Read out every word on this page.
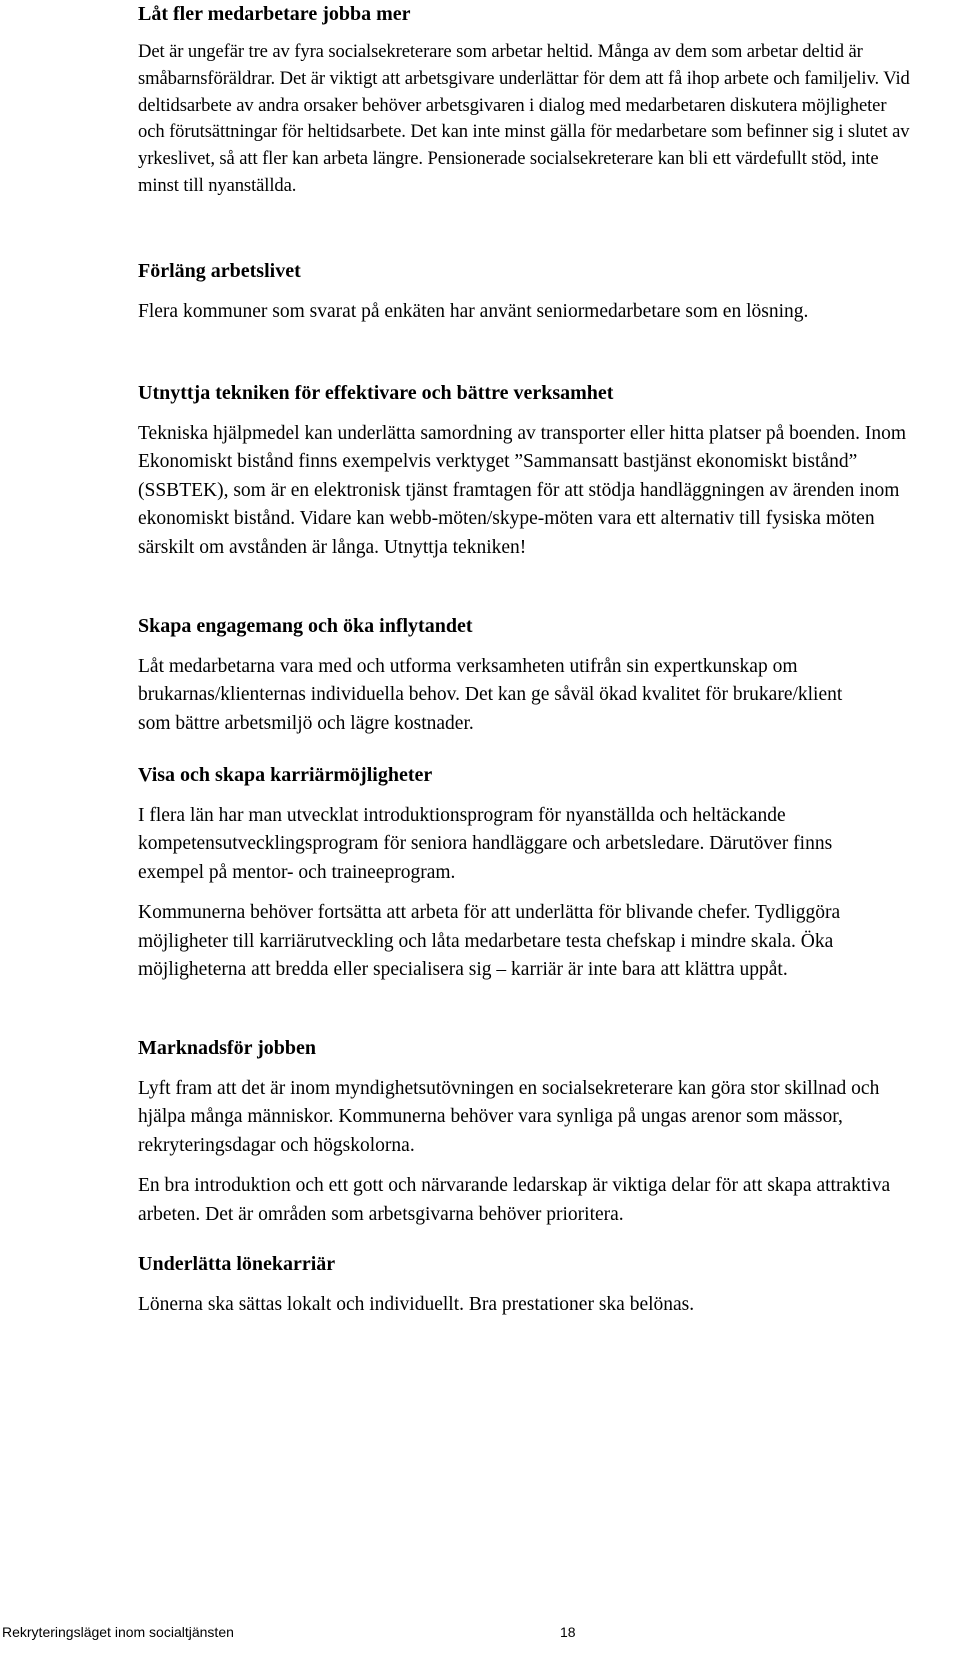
Låt fler medarbetare jobba mer

Det är ungefär tre av fyra socialsekreterare som arbetar heltid. Många av dem som arbetar deltid är småbarnsföräldrar. Det är viktigt att arbetsgivare underlättar för dem att få ihop arbete och familjeliv. Vid deltidsarbete av andra orsaker behöver arbetsgivaren i dialog med medarbetaren diskutera möjligheter och förutsättningar för heltidsarbete. Det kan inte minst gälla för medarbetare som befinner sig i slutet av yrkeslivet, så att fler kan arbeta längre. Pensionerade socialsekreterare kan bli ett värdefullt stöd, inte minst till nyanställda.

Förläng arbetslivet

Flera kommuner som svarat på enkäten har använt seniormedarbetare som en lösning.

Utnyttja tekniken för effektivare och bättre verksamhet

Tekniska hjälpmedel kan underlätta samordning av transporter eller hitta platser på boenden. Inom Ekonomiskt bistånd finns exempelvis verktyget ”Sammansatt bastjänst ekonomiskt bistånd” (SSBTEK), som är en elektronisk tjänst framtagen för att stödja handläggningen av ärenden inom ekonomiskt bistånd. Vidare kan webb-möten/skype-möten vara ett alternativ till fysiska möten särskilt om avstånden är långa. Utnyttja tekniken!

Skapa engagemang och öka inflytandet

Låt medarbetarna vara med och utforma verksamheten utifrån sin expertkunskap om brukarnas/klienternas individuella behov. Det kan ge såväl ökad kvalitet för brukare/klient som bättre arbetsmiljö och lägre kostnader.

Visa och skapa karriärmöjligheter

I flera län har man utvecklat introduktionsprogram för nyanställda och heltäckande kompetensutvecklingsprogram för seniora handläggare och arbetsledare. Därutöver finns exempel på mentor- och traineeprogram.

Kommunerna behöver fortsätta att arbeta för att underlätta för blivande chefer. Tydliggöra möjligheter till karriärutveckling och låta medarbetare testa chefskap i mindre skala. Öka möjligheterna att bredda eller specialisera sig – karriär är inte bara att klättra uppåt.

Marknadsför jobben

Lyft fram att det är inom myndighetsutövningen en socialsekreterare kan göra stor skillnad och hjälpa många människor. Kommunerna behöver vara synliga på ungas arenor som mässor, rekryteringsdagar och högskolorna.

En bra introduktion och ett gott och närvarande ledarskap är viktiga delar för att skapa attraktiva arbeten. Det är områden som arbetsgivarna behöver prioritera.

Underlätta lönekarriär

Lönerna ska sättas lokalt och individuellt. Bra prestationer ska belönas.

Rekryteringsläget inom socialtjänsten	18
